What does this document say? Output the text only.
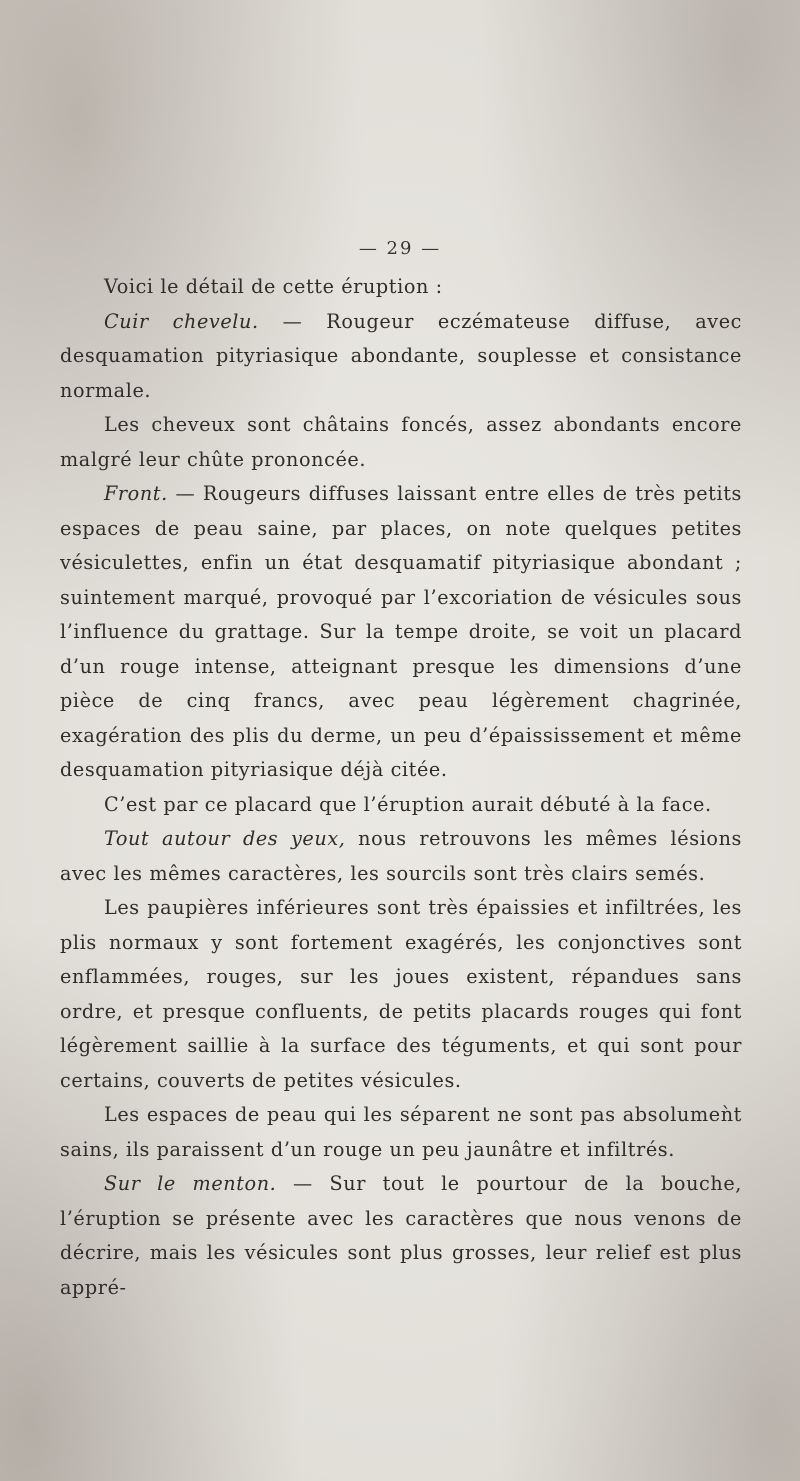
— 29 —

Voici le détail de cette éruption :

Cuir chevelu. — Rougeur eczémateuse diffuse, avec desquamation pityriasique abondante, souplesse et consistance normale.

Les cheveux sont châtains foncés, assez abondants encore malgré leur chûte prononcée.

Front. — Rougeurs diffuses laissant entre elles de très petits espaces de peau saine, par places, on note quelques petites vésiculettes, enfin un état desquamatif pityriasique abondant ; suintement marqué, provoqué par l’excoriation de vésicules sous l’influence du grattage. Sur la tempe droite, se voit un placard d’un rouge intense, atteignant presque les dimensions d’une pièce de cinq francs, avec peau légèrement chagrinée, exagération des plis du derme, un peu d’épaississement et même desquamation pityriasique déjà citée.

C’est par ce placard que l’éruption aurait débuté à la face.

Tout autour des yeux, nous retrouvons les mêmes lésions avec les mêmes caractères, les sourcils sont très clairs semés.

Les paupières inférieures sont très épaissies et infiltrées, les plis normaux y sont fortement exagérés, les conjonctives sont enflammées, rouges, sur les joues existent, répandues sans ordre, et presque confluents, de petits placards rouges qui font légèrement saillie à la surface des téguments, et qui sont pour certains, couverts de petites vésicules.

Les espaces de peau qui les séparent ne sont pas absolumeǹt sains, ils paraissent d’un rouge un peu jaunâtre et infiltrés.

Sur le menton. — Sur tout le pourtour de la bouche, l’éruption se présente avec les caractères que nous venons de décrire, mais les vésicules sont plus grosses, leur relief est plus appré-
